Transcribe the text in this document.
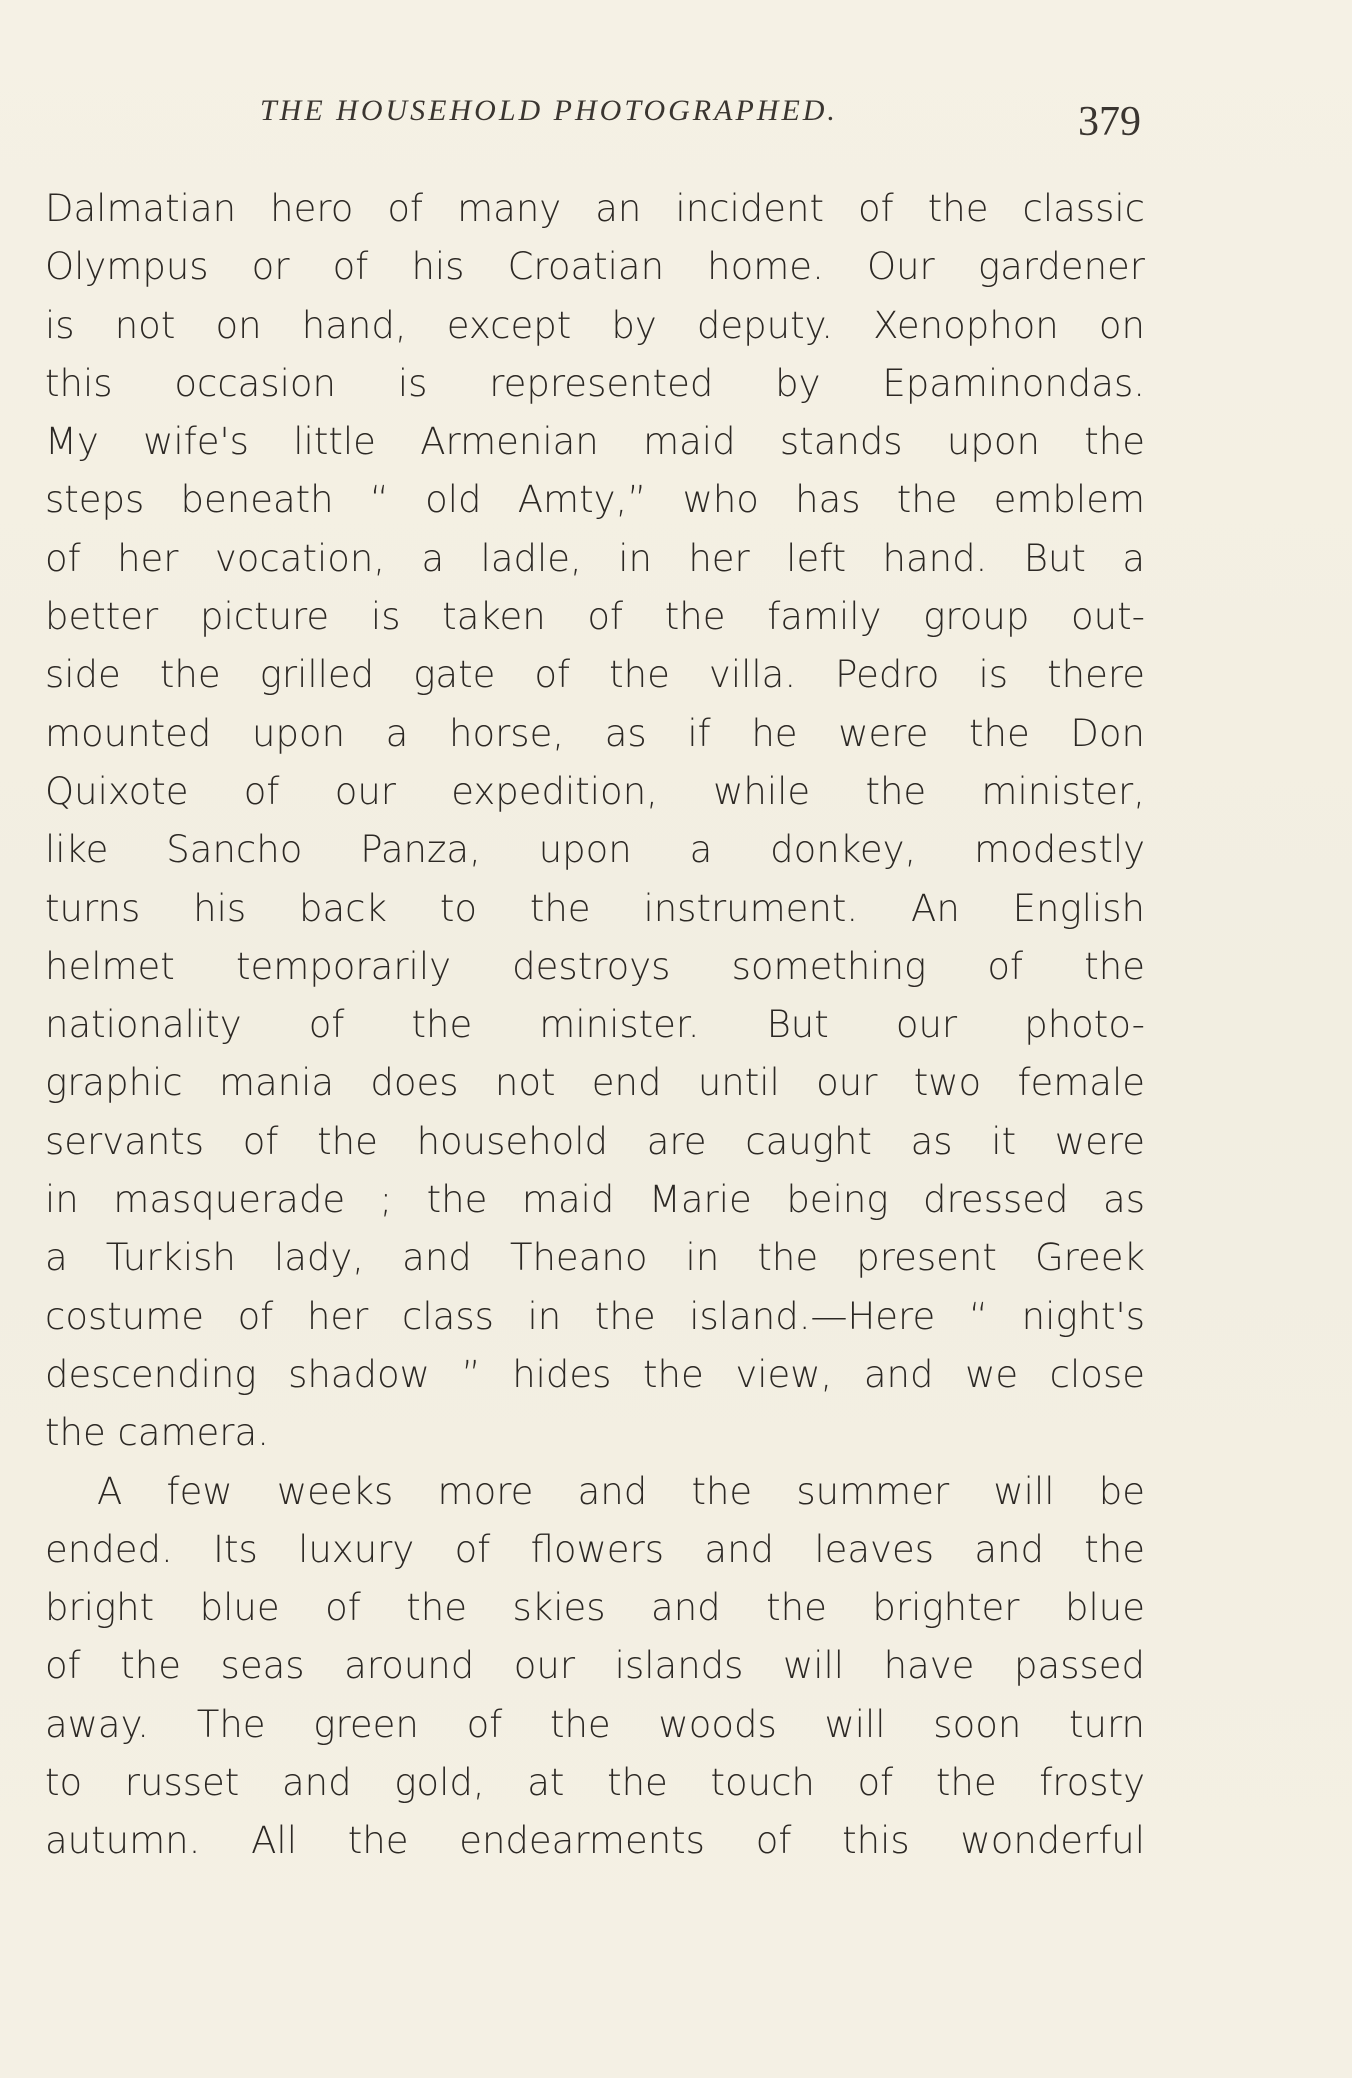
THE HOUSEHOLD PHOTOGRAPHED.	379
Dalmatian hero of many an incident of the classic
Olympus or of his Croatian home. Our gardener
is not on hand, except by deputy. Xenophon on
this occasion is represented by Epaminondas.
My wife's little Armenian maid stands upon the
steps beneath “ old Amty,” who has the emblem
of her vocation, a ladle, in her left hand. But a
better picture is taken of the family group out-
side the grilled gate of the villa. Pedro is there
mounted upon a horse, as if he were the Don
Quixote of our expedition, while the minister,
like Sancho Panza, upon a donkey, modestly
turns his back to the instrument. An English
helmet temporarily destroys something of the
nationality of the minister. But our photo-
graphic mania does not end until our two female
servants of the household are caught as it were
in masquerade ; the maid Marie being dressed as
a Turkish lady, and Theano in the present Greek
costume of her class in the island.—Here “ night's
descending shadow ” hides the view, and we close
the camera.
A few weeks more and the summer will be
ended. Its luxury of flowers and leaves and the
bright blue of the skies and the brighter blue
of the seas around our islands will have passed
away. The green of the woods will soon turn
to russet and gold, at the touch of the frosty
autumn. All the endearments of this wonderful
